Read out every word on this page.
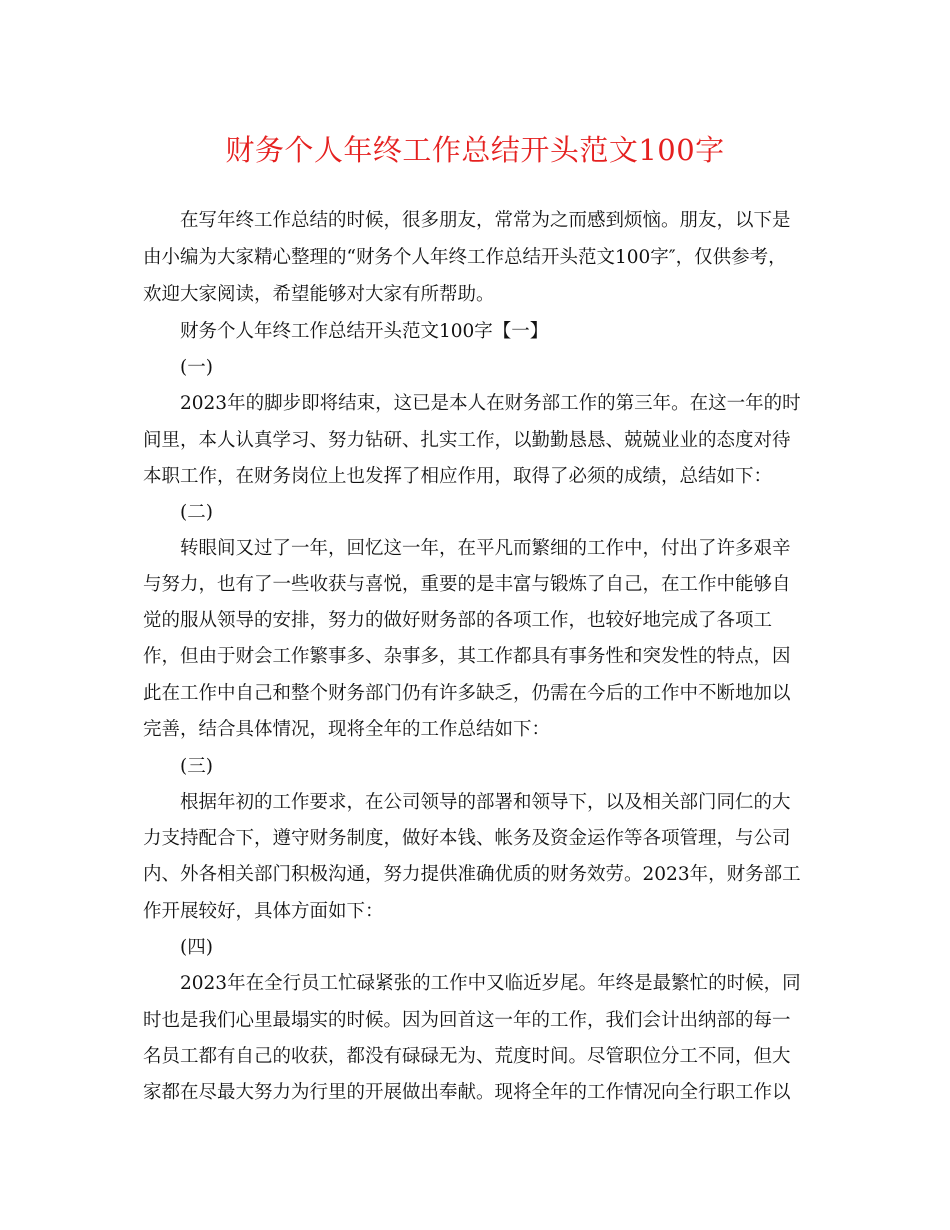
财务个人年终工作总结开头范文100字
在写年终工作总结的时候，很多朋友，常常为之而感到烦恼。朋友，以下是
由小编为大家精心整理的“财务个人年终工作总结开头范文100字″，仅供参考，
欢迎大家阅读，希望能够对大家有所帮助。
财务个人年终工作总结开头范文100字【一】
(一)
2023年的脚步即将结束，这已是本人在财务部工作的第三年。在这一年的时
间里，本人认真学习、努力钻研、扎实工作，以勤勤恳恳、兢兢业业的态度对待
本职工作，在财务岗位上也发挥了相应作用，取得了必须的成绩，总结如下：
(二)
转眼间又过了一年，回忆这一年，在平凡而繁细的工作中，付出了许多艰辛
与努力，也有了一些收获与喜悦，重要的是丰富与锻炼了自己，在工作中能够自
觉的服从领导的安排，努力的做好财务部的各项工作，也较好地完成了各项工
作，但由于财会工作繁事多、杂事多，其工作都具有事务性和突发性的特点，因
此在工作中自己和整个财务部门仍有许多缺乏，仍需在今后的工作中不断地加以
完善，结合具体情况，现将全年的工作总结如下：
(三)
根据年初的工作要求，在公司领导的部署和领导下，以及相关部门同仁的大
力支持配合下，遵守财务制度，做好本钱、帐务及资金运作等各项管理，与公司
内、外各相关部门积极沟通，努力提供准确优质的财务效劳。2023年，财务部工
作开展较好，具体方面如下：
(四)
2023年在全行员工忙碌紧张的工作中又临近岁尾。年终是最繁忙的时候，同
时也是我们心里最塌实的时候。因为回首这一年的工作，我们会计出纳部的每一
名员工都有自己的收获，都没有碌碌无为、荒度时间。尽管职位分工不同，但大
家都在尽最大努力为行里的开展做出奉献。现将全年的工作情况向全行职工作以
